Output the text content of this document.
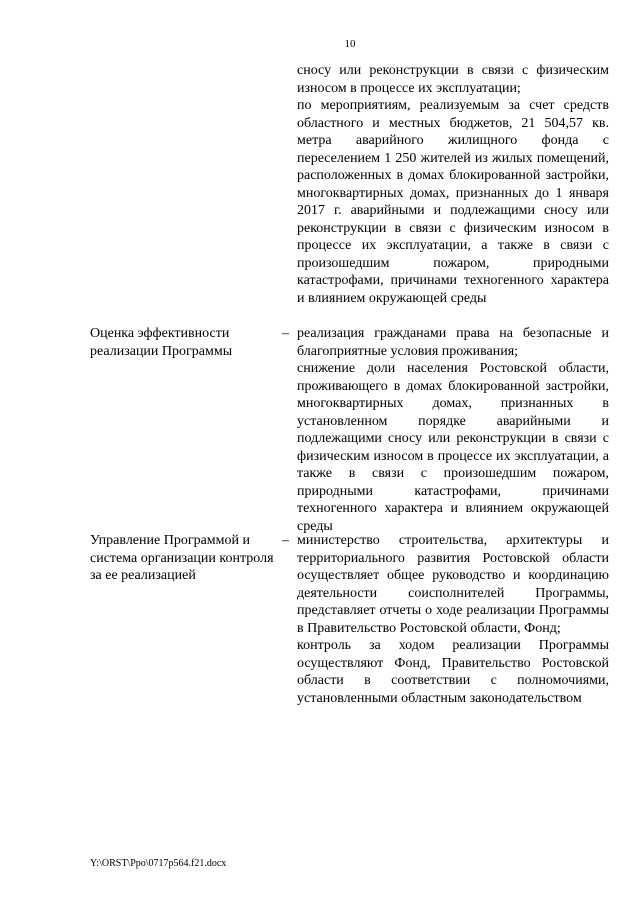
10

сносу или реконструкции в связи с физическим износом в процессе их эксплуатации;

по мероприятиям, реализуемым за счет средств областного и местных бюджетов, 21 504,57 кв. метра аварийного жилищного фонда с переселением 1 250 жителей из жилых помещений, расположенных в домах блокированной застройки, многоквартирных домах, признанных до 1 января 2017 г. аварийными и подлежащими сносу или реконструкции в связи с физическим износом в процессе их эксплуатации, а также в связи с произошедшим пожаром, природными катастрофами, причинами техногенного характера и влиянием окружающей среды

Оценка эффективности реализации Программы
– реализация гражданами права на безопасные и благоприятные условия проживания;

снижение доли населения Ростовской области, проживающего в домах блокированной застройки, многоквартирных домах, признанных в установленном порядке аварийными и подлежащими сносу или реконструкции в связи с физическим износом в процессе их эксплуатации, а также в связи с произошедшим пожаром, природными катастрофами, причинами техногенного характера и влиянием окружающей среды

Управление Программой и система организации контроля за ее реализацией
– министерство строительства, архитектуры и территориального развития Ростовской области осуществляет общее руководство и координацию деятельности соисполнителей Программы, представляет отчеты о ходе реализации Программы в Правительство Ростовской области, Фонд;

контроль за ходом реализации Программы осуществляют Фонд, Правительство Ростовской области в соответствии с полномочиями, установленными областным законодательством

Y:\ORST\Ppo\0717p564.f21.docx
